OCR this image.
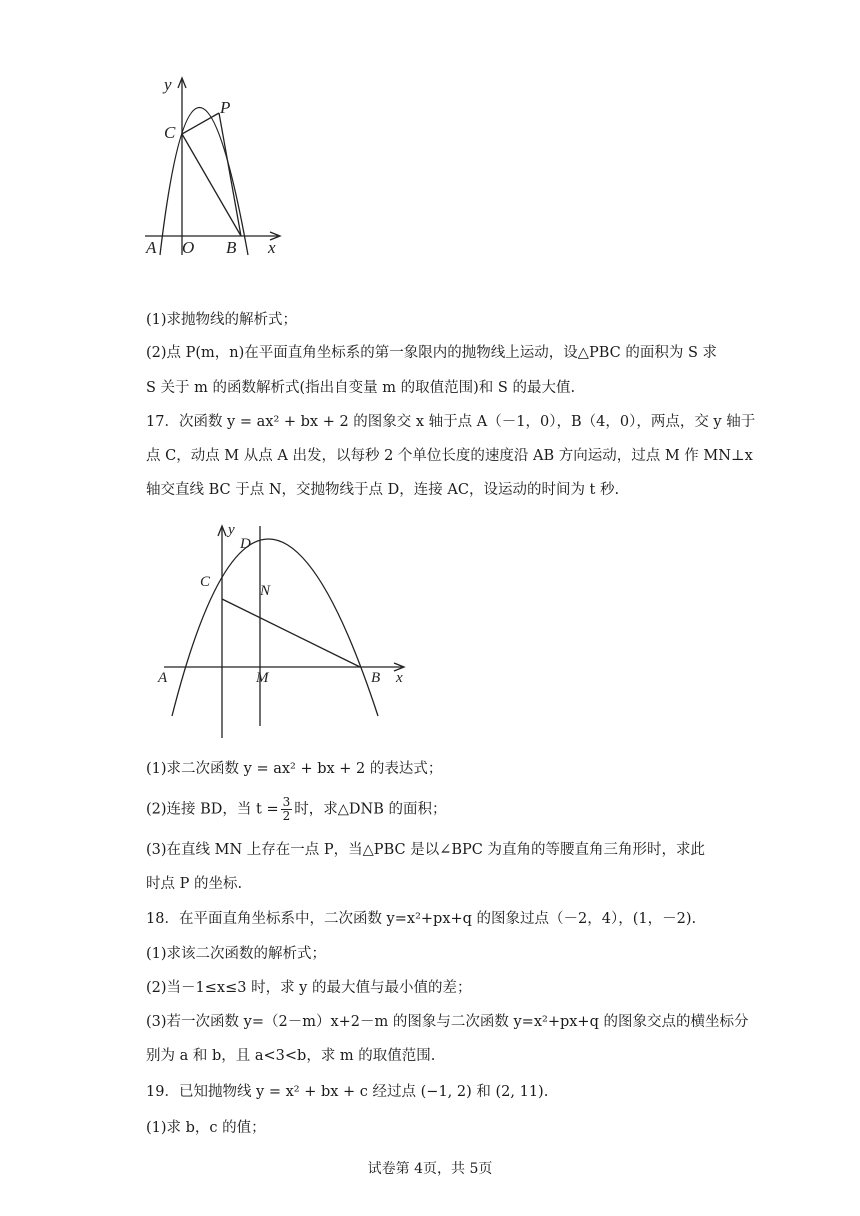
y
x
C
P
A O B
(1)求抛物线的解析式；
(2)点 P(m，n)在平面直角坐标系的第一象限内的抛物线上运动，设△PBC 的面积为 S 求
S 关于 m 的函数解析式(指出自变量 m 的取值范围)和 S 的最大值.
17．次函数 y = ax² + bx + 2 的图象交 x 轴于点 A（－1，0），B（4，0），两点，交 y 轴于
点 C，动点 M 从点 A 出发，以每秒 2 个单位长度的速度沿 AB 方向运动，过点 M 作 MN⊥x
轴交直线 BC 于点 N，交抛物线于点 D，连接 AC，设运动的时间为 t 秒.
y
D
C
N
A	M	B x
(1)求二次函数 y = ax² + bx + 2 的表达式；
(2)连接 BD，当 $t = \frac{3}{2}$ 时，求△DNB 的面积；
(3)在直线 MN 上存在一点 P，当△PBC 是以∠BPC 为直角的等腰直角三角形时，求此
时点 P 的坐标.
18．在平面直角坐标系中，二次函数 y=x²+px+q 的图象过点（－2，4），(1，－2).
(1)求该二次函数的解析式；
(2)当－1≤x≤3 时，求 y 的最大值与最小值的差；
(3)若一次函数 y=（2－m）x+2－m 的图象与二次函数 y=x²+px+q 的图象交点的横坐标分
别为 a 和 b，且 a<3<b，求 m 的取值范围.
19．已知抛物线 y = x² + bx + c 经过点 (−1, 2) 和 (2, 11).
(1)求 b，c 的值；
试卷第 4页，共 5页
